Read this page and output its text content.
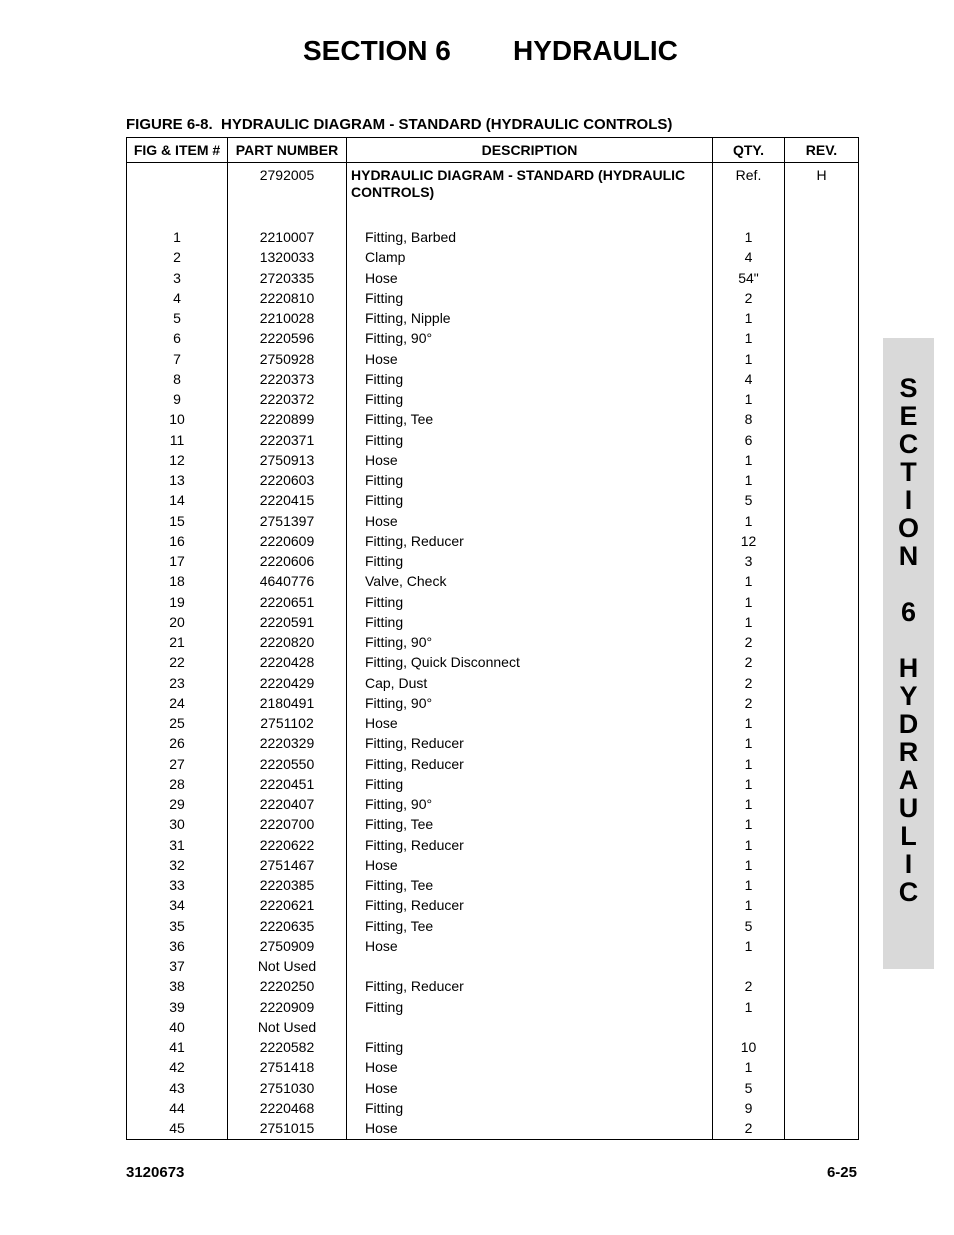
SECTION 6 HYDRAULIC
FIGURE 6-8.  HYDRAULIC DIAGRAM - STANDARD (HYDRAULIC CONTROLS)
FIG & ITEM #	PART NUMBER	DESCRIPTION	QTY.	REV.
	2792005	HYDRAULIC DIAGRAM - STANDARD (HYDRAULIC CONTROLS)	Ref.	H
1	2210007	Fitting, Barbed	1	
2	1320033	Clamp	4	
3	2720335	Hose	54"	
4	2220810	Fitting	2	
5	2210028	Fitting, Nipple	1	
6	2220596	Fitting, 90°	1	
7	2750928	Hose	1	
8	2220373	Fitting	4	
9	2220372	Fitting	1	
10	2220899	Fitting, Tee	8	
11	2220371	Fitting	6	
12	2750913	Hose	1	
13	2220603	Fitting	1	
14	2220415	Fitting	5	
15	2751397	Hose	1	
16	2220609	Fitting, Reducer	12	
17	2220606	Fitting	3	
18	4640776	Valve, Check	1	
19	2220651	Fitting	1	
20	2220591	Fitting	1	
21	2220820	Fitting, 90°	2	
22	2220428	Fitting, Quick Disconnect	2	
23	2220429	Cap, Dust	2	
24	2180491	Fitting, 90°	2	
25	2751102	Hose	1	
26	2220329	Fitting, Reducer	1	
27	2220550	Fitting, Reducer	1	
28	2220451	Fitting	1	
29	2220407	Fitting, 90°	1	
30	2220700	Fitting, Tee	1	
31	2220622	Fitting, Reducer	1	
32	2751467	Hose	1	
33	2220385	Fitting, Tee	1	
34	2220621	Fitting, Reducer	1	
35	2220635	Fitting, Tee	5	
36	2750909	Hose	1	
37	Not Used			
38	2220250	Fitting, Reducer	2	
39	2220909	Fitting	1	
40	Not Used			
41	2220582	Fitting	10	
42	2751418	Hose	1	
43	2751030	Hose	5	
44	2220468	Fitting	9	
45	2751015	Hose	2	
S
E
C
T
I
O
N
6
H
Y
D
R
A
U
L
I
C
3120673	6-25
